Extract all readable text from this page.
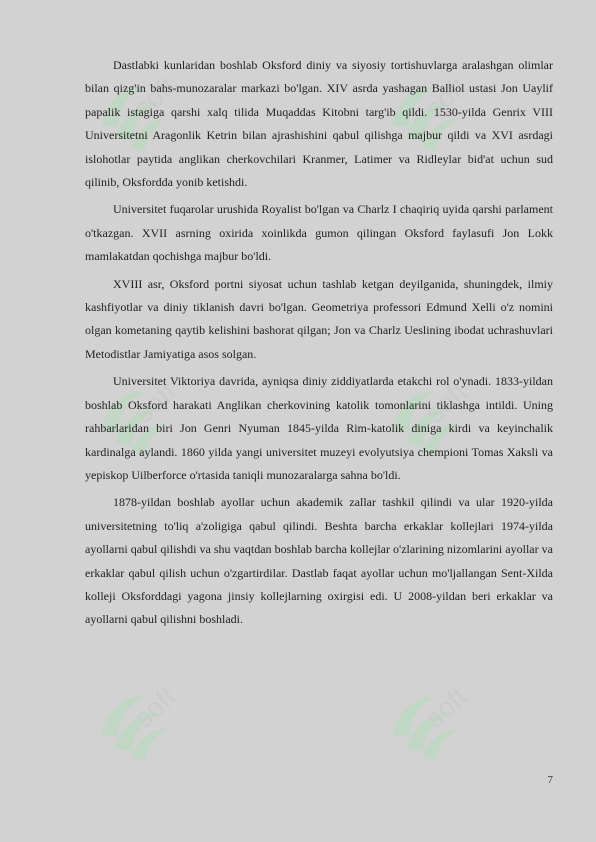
soft	soft
soft	soft
soft	soft

Dastlabki kunlaridan boshlab Oksford diniy va siyosiy tortishuvlarga aralashgan olimlar bilan qizg'in bahs-munozaralar markazi bo'lgan. XIV asrda yashagan Balliol ustasi Jon Uaylif papalik istagiga qarshi xalq tilida Muqaddas Kitobni targ'ib qildi. 1530-yilda Genrix VIII Universitetni Aragonlik Ketrin bilan ajrashishini qabul qilishga majbur qildi va XVI asrdagi islohotlar paytida anglikan cherkovchilari Kranmer, Latimer va Ridleylar bid'at uchun sud qilinib, Oksfordda yonib ketishdi.

Universitet fuqarolar urushida Royalist bo'lgan va Charlz I chaqiriq uyida qarshi parlament o'tkazgan. XVII asrning oxirida xoinlikda gumon qilingan Oksford faylasufi Jon Lokk mamlakatdan qochishga majbur bo'ldi.

XVIII asr, Oksford portni siyosat uchun tashlab ketgan deyilganida, shuningdek, ilmiy kashfiyotlar va diniy tiklanish davri bo'lgan. Geometriya professori Edmund Xelli o'z nomini olgan kometaning qaytib kelishini bashorat qilgan; Jon va Charlz Ueslining ibodat uchrashuvlari Metodistlar Jamiyatiga asos solgan.

Universitet Viktoriya davrida, ayniqsa diniy ziddiyatlarda etakchi rol o'ynadi. 1833-yildan boshlab Oksford harakati Anglikan cherkovining katolik tomonlarini tiklashga intildi. Uning rahbarlaridan biri Jon Genri Nyuman 1845-yilda Rim-katolik diniga kirdi va keyinchalik kardinalga aylandi. 1860 yilda yangi universitet muzeyi evolyutsiya chempioni Tomas Xaksli va yepiskop Uilberforce o'rtasida taniqli munozaralarga sahna bo'ldi.

1878-yildan boshlab ayollar uchun akademik zallar tashkil qilindi va ular 1920-yilda universitetning to'liq a'zoligiga qabul qilindi. Beshta barcha erkaklar kollejlari 1974-yilda ayollarni qabul qilishdi va shu vaqtdan boshlab barcha kollejlar o'zlarining nizomlarini ayollar va erkaklar qabul qilish uchun o'zgartirdilar. Dastlab faqat ayollar uchun mo'ljallangan Sent-Xilda kolleji Oksforddagi yagona jinsiy kollejlarning oxirgisi edi. U 2008-yildan beri erkaklar va ayollarni qabul qilishni boshladi.

7
